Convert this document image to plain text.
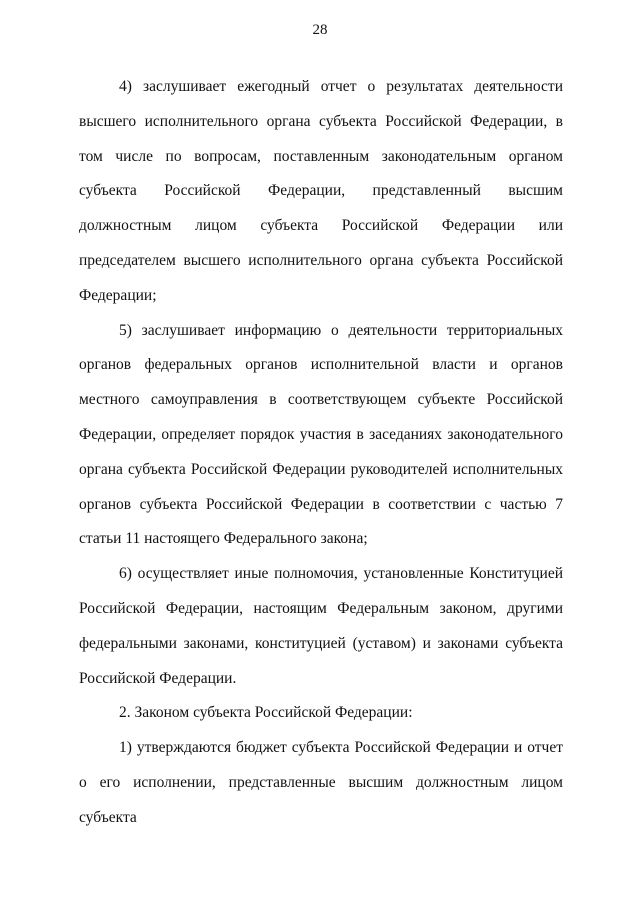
28

4) заслушивает ежегодный отчет о результатах деятельности высшего исполнительного органа субъекта Российской Федерации, в том числе по вопросам, поставленным законодательным органом субъекта Российской Федерации, представленный высшим должностным лицом субъекта Российской Федерации или председателем высшего исполнительного органа субъекта Российской Федерации;

5) заслушивает информацию о деятельности территориальных органов федеральных органов исполнительной власти и органов местного самоуправления в соответствующем субъекте Российской Федерации, определяет порядок участия в заседаниях законодательного органа субъекта Российской Федерации руководителей исполнительных органов субъекта Российской Федерации в соответствии с частью 7 статьи 11 настоящего Федерального закона;

6) осуществляет иные полномочия, установленные Конституцией Российской Федерации, настоящим Федеральным законом, другими федеральными законами, конституцией (уставом) и законами субъекта Российской Федерации.

2. Законом субъекта Российской Федерации:

1) утверждаются бюджет субъекта Российской Федерации и отчет о его исполнении, представленные высшим должностным лицом субъекта
